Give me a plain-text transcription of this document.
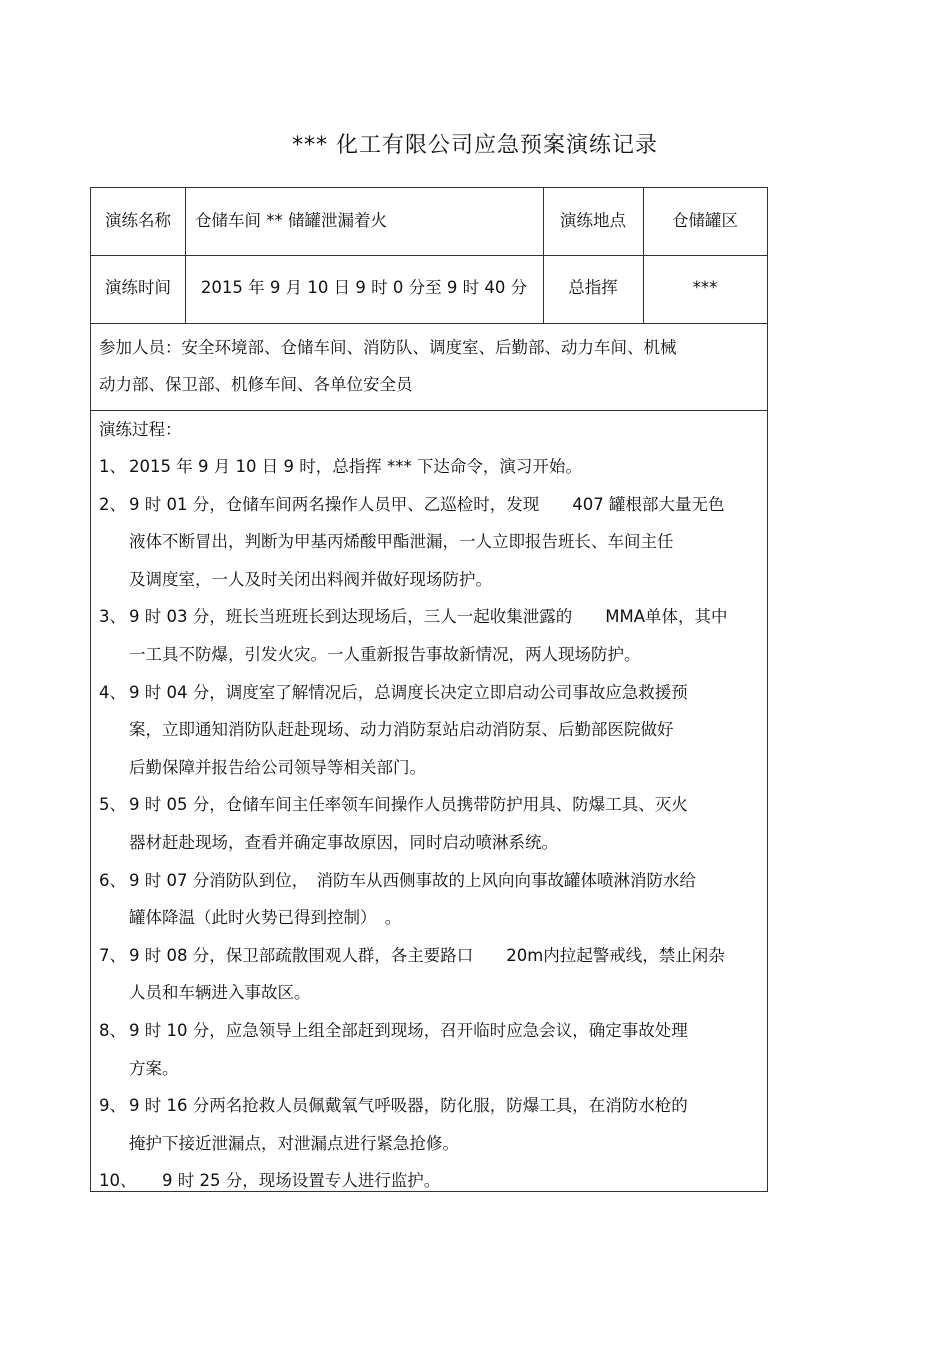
*** 化工有限公司应急预案演练记录
演练名称	仓储车间 ** 储罐泄漏着火	演练地点	仓储罐区
演练时间	2015 年 9 月 10 日 9 时 0 分至 9 时 40 分	总指挥	***
参加人员：安全环境部、仓储车间、消防队、调度室、后勤部、动力车间、机械
动力部、保卫部、机修车间、各单位安全员
演练过程：
1、 2015 年 9 月 10 日 9 时，总指挥 *** 下达命令，演习开始。
2、 9 时 01 分，仓储车间两名操作人员甲、乙巡检时，发现　　407 罐根部大量无色
液体不断冒出，判断为甲基丙烯酸甲酯泄漏，一人立即报告班长、车间主任
及调度室，一人及时关闭出料阀并做好现场防护。
3、 9 时 03 分，班长当班班长到达现场后，三人一起收集泄露的　　MMA单体，其中
一工具不防爆，引发火灾。一人重新报告事故新情况，两人现场防护。
4、 9 时 04 分，调度室了解情况后，总调度长决定立即启动公司事故应急救援预
案，立即通知消防队赶赴现场、动力消防泵站启动消防泵、后勤部医院做好
后勤保障并报告给公司领导等相关部门。
5、 9 时 05 分，仓储车间主任率领车间操作人员携带防护用具、防爆工具、灭火
器材赶赴现场，查看并确定事故原因，同时启动喷淋系统。
6、 9 时 07 分消防队到位，　消防车从西侧事故的上风向向事故罐体喷淋消防水给
罐体降温（此时火势已得到控制）　。
7、 9 时 08 分，保卫部疏散围观人群，各主要路口　　20m内拉起警戒线，禁止闲杂
人员和车辆进入事故区。
8、 9 时 10 分，应急领导上组全部赶到现场，召开临时应急会议，确定事故处理
方案。
9、 9 时 16 分两名抢救人员佩戴氧气呼吸器，防化服，防爆工具，在消防水枪的
掩护下接近泄漏点，对泄漏点进行紧急抢修。
10、
　　9 时 25 分，现场设置专人进行监护。
